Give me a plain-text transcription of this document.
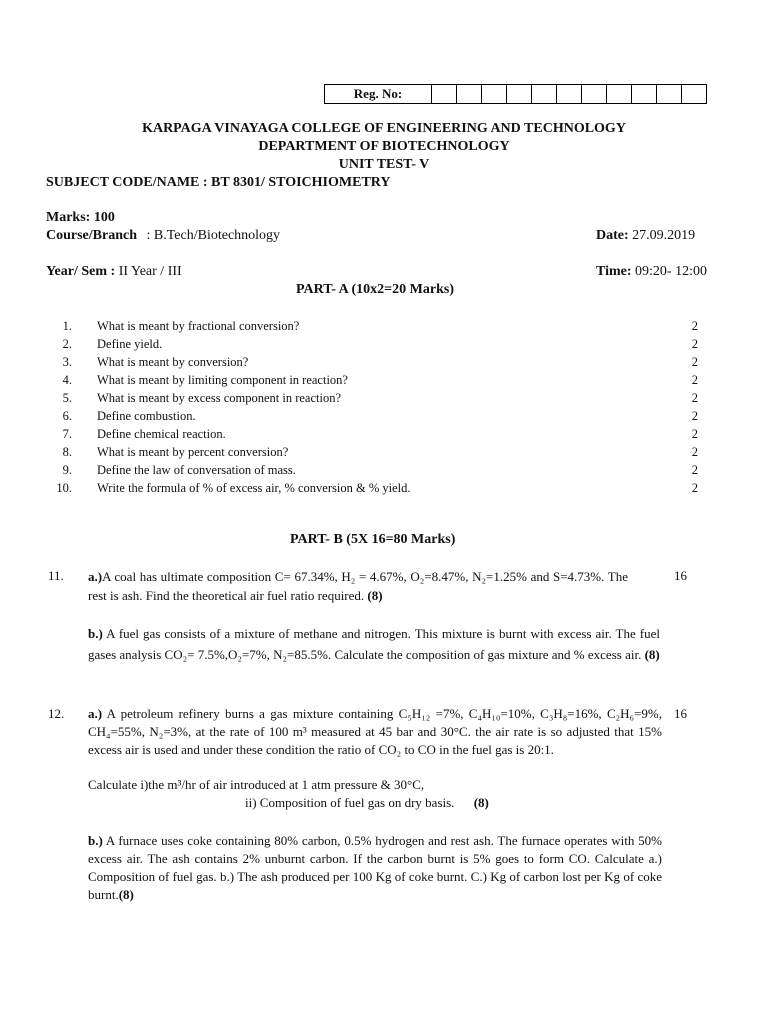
Reg. No:
KARPAGA VINAYAGA COLLEGE OF ENGINEERING AND TECHNOLOGY
DEPARTMENT OF BIOTECHNOLOGY
UNIT TEST- V
SUBJECT CODE/NAME : BT 8301/ STOICHIOMETRY
Marks: 100
Course/Branch : B.Tech/Biotechnology	Date: 27.09.2019
Year/ Sem : II Year / III	Time: 09:20- 12:00
PART- A (10x2=20 Marks)
1.	What is meant by fractional conversion?	2
2.	Define yield.	2
3.	What is meant by conversion?	2
4.	What is meant by limiting component in reaction?	2
5.	What is meant by excess component in reaction?	2
6.	Define combustion.	2
7.	Define chemical reaction.	2
8.	What is meant by percent conversion?	2
9.	Define the law of conversation of mass.	2
10.	Write the formula of % of excess air, % conversion & % yield.	2
PART- B (5X 16=80 Marks)
11.	16
a.)A coal has ultimate composition C= 67.34%, H₂ = 4.67%, O₂=8.47%, N₂=1.25% and S=4.73%. The rest is ash. Find the theoretical air fuel ratio required. (8)
b.) A fuel gas consists of a mixture of methane and nitrogen. This mixture is burnt with excess air. The fuel gases analysis CO₂= 7.5%,O₂=7%, N₂=85.5%. Calculate the composition of gas mixture and % excess air. (8)
12.	16
a.) A petroleum refinery burns a gas mixture containing C₅H₁₂ =7%, C₄H₁₀=10%, C₃H₈=16%, C₂H₆=9%, CH₄=55%, N₂=3%, at the rate of 100 m³ measured at 45 bar and 30°C. the air rate is so adjusted that 15% excess air is used and under these condition the ratio of CO₂ to CO in the fuel gas is 20:1.
Calculate i)the m³/hr of air introduced at 1 atm pressure & 30°C,
ii) Composition of fuel gas on dry basis. (8)
b.) A furnace uses coke containing 80% carbon, 0.5% hydrogen and rest ash. The furnace operates with 50% excess air. The ash contains 2% unburnt carbon. If the carbon burnt is 5% goes to form CO. Calculate a.) Composition of fuel gas. b.) The ash produced per 100 Kg of coke burnt. C.) Kg of carbon lost per Kg of coke burnt.(8)
